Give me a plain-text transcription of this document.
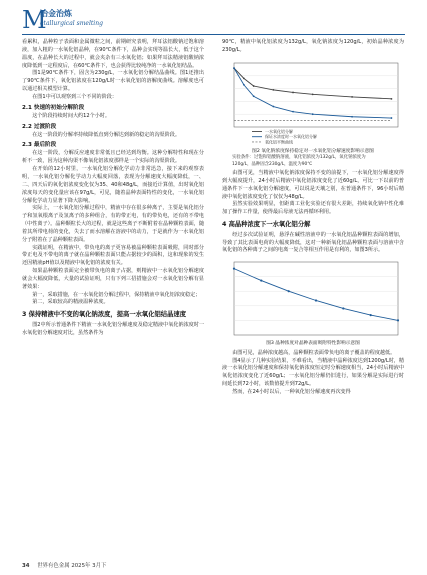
M
冶金治炼
etallurgical smelting

看累积，晶种粒子表面和金属微粒之间，前期研究表明，拜耳法铝酸钠过饱和溶液，加入粗的一水氧化铝晶种，在90℃条件下，晶种会实现等温长大，低于这个温度，在晶种长大的过程中，就会夹杂有三水氧化铝；如果拜耳法精液铝酸钠浓度降低到一定程度后，在60℃条件下，也会获得比较纯净的一水氧化铝结晶。

图1是90℃条件下，固含为230g/L，一水氧化铝分解结晶曲线。图1还推出了90℃条件下，氧化铝浓度在120g/L时一水氧化铝的溶解度曲线。溶解度也可以通过相关模型计算。

在图1中可以观察到三个不同的阶段：

2.1 快速的初始分解阶段

这个阶段持续时间大约12个小时。

2.2 过渡阶段

在这一阶段的分解率持续降低直到分解达到新的稳定的沟渠阶段。

2.3 最后阶段

在这一阶段，分解反应速度非常低且已经达到均衡。这种分解特性和现在分析不一致，因为这种沟渠不像氧化铝浓度那样是一个实际的沟渠阶段。

在开始的12小时里，一水氧化铝分解化学动力非常迅急，接下来的观察表明，一水氧化铝分解化学动力大幅度回落，表现为分解速度大幅度降低，一、二、四天后的氧化铝浓度变化仅为35、40和48g/L，而接近计算值，出时氧化铝浓度每天的变化量应该在97g/L，可见，随着晶种表面特性的变化，一水氧化铝分解化学动力显著下降大影响。

实际上，一水氧化铝分解过程中，精液中存在很多种离子，主要是氧化铝分子和氢氧根离子及氢离子的多种组合，有的带正电，有的带负电，还有的不带电（中性离子）。晶种颗粒长大的过程，就是这些离子不断附着在晶种颗粒表面，随着其所带电荷的变化，失去了而水溶解在溶液中的动力，于是就作为一水氧化铝分子附着在了晶种颗粒表面。

实践证明，在精液中，带负电的离子更容易被晶种颗粒表面吸附，同时部分带正电及不带电的离子就在晶种颗粒表面只能占据较少的面积，这和现象的发生还因精液pH值以及精液中氧化铝的浓度有关。

如果晶种颗粒表面完全被带负电的离子占据，则精液中一水氧化铝分解速度就会大幅度降低，大量的试验证明，只有下列三招措施会对一水氧化铝分解有显著效果：

第一，采取措施，在一水氧化铝分解过程中，保持精液中氧化铝浓度稳定；

第二，采取较高的精液温种浓度。

3 保持精液中不变的氧化钠浓度，提高一水氧化铝结晶速度

图2中所示普通条件下精液一水氧化铝分解速度及稳定精液中氧化钠浓度时一水氧化铝分解速度对比，虽然条件为

90℃，精液中氧化铝浓度为132g/L，氧化钠浓度为120g/L，初始晶种浓度为230g/L。

一水氧化铝分解
保证水浓度时一水氧化铝分解
氧化铝平衡曲线
图2 氧化钠浓度保持稳定对一水氧化铝分解速度影响示意图
实验条件：过饱和铝酸钠溶液，氧化铝浓度为132g/L，氧化钠浓度为
120g/L，晶种固含230g/L，温度为90℃

由图可见，当精液中氧化钠浓度保持不变的前提下，一水氧化铝分解速度得到大幅度提升，24小时后精液中氧化铝浓度变化了近60g/L，可比一下以前的普通条件下一水氧化铝分解速度，可以说是天壤之别，在普通条件下，96小时后精液中氧化铝浓度变化了仅仅为48g/L。

虽然实验效果明显，但距离工业化实验还有很大差距，持续氧化钠中性化难加了操作工作量，使得最后母液无法再循环利用。

4 高晶种浓度下一水氧化铝分解

经过多次试验证明，悬浮在碱性溶液中的一水氧化铝晶种颗粒表面的增加，导致了其比表面电荷的大幅度降低，这对一种新氧化铝晶种颗粒表面与溶液中含氧化铝的各种离子之间的电离一复合等相互作用是有利的，如图3所示。

图3 晶种浓度对晶种表面吸附特性影响示意图

由图可见，晶种浓度越高，晶种颗粒表面带负电的离子覆盖的程度越低。

图4显示了几种实验结果，不难看出，当精液中晶种浓度达到1200g/L时，精液一水氧化铝分解速度和保持氧化钠浓度恒定时分解速度相当，24小时后精液中氧化铝浓度变化了近60g/L；一水氧化铝分解仍旧进行，如果分解是实际进行时间延长到72小时，该数值提升到72g/L。

然而，在24小时以后，一种氧化铝分解速度再次变得

34 世界有色金属 2025年 3月下
